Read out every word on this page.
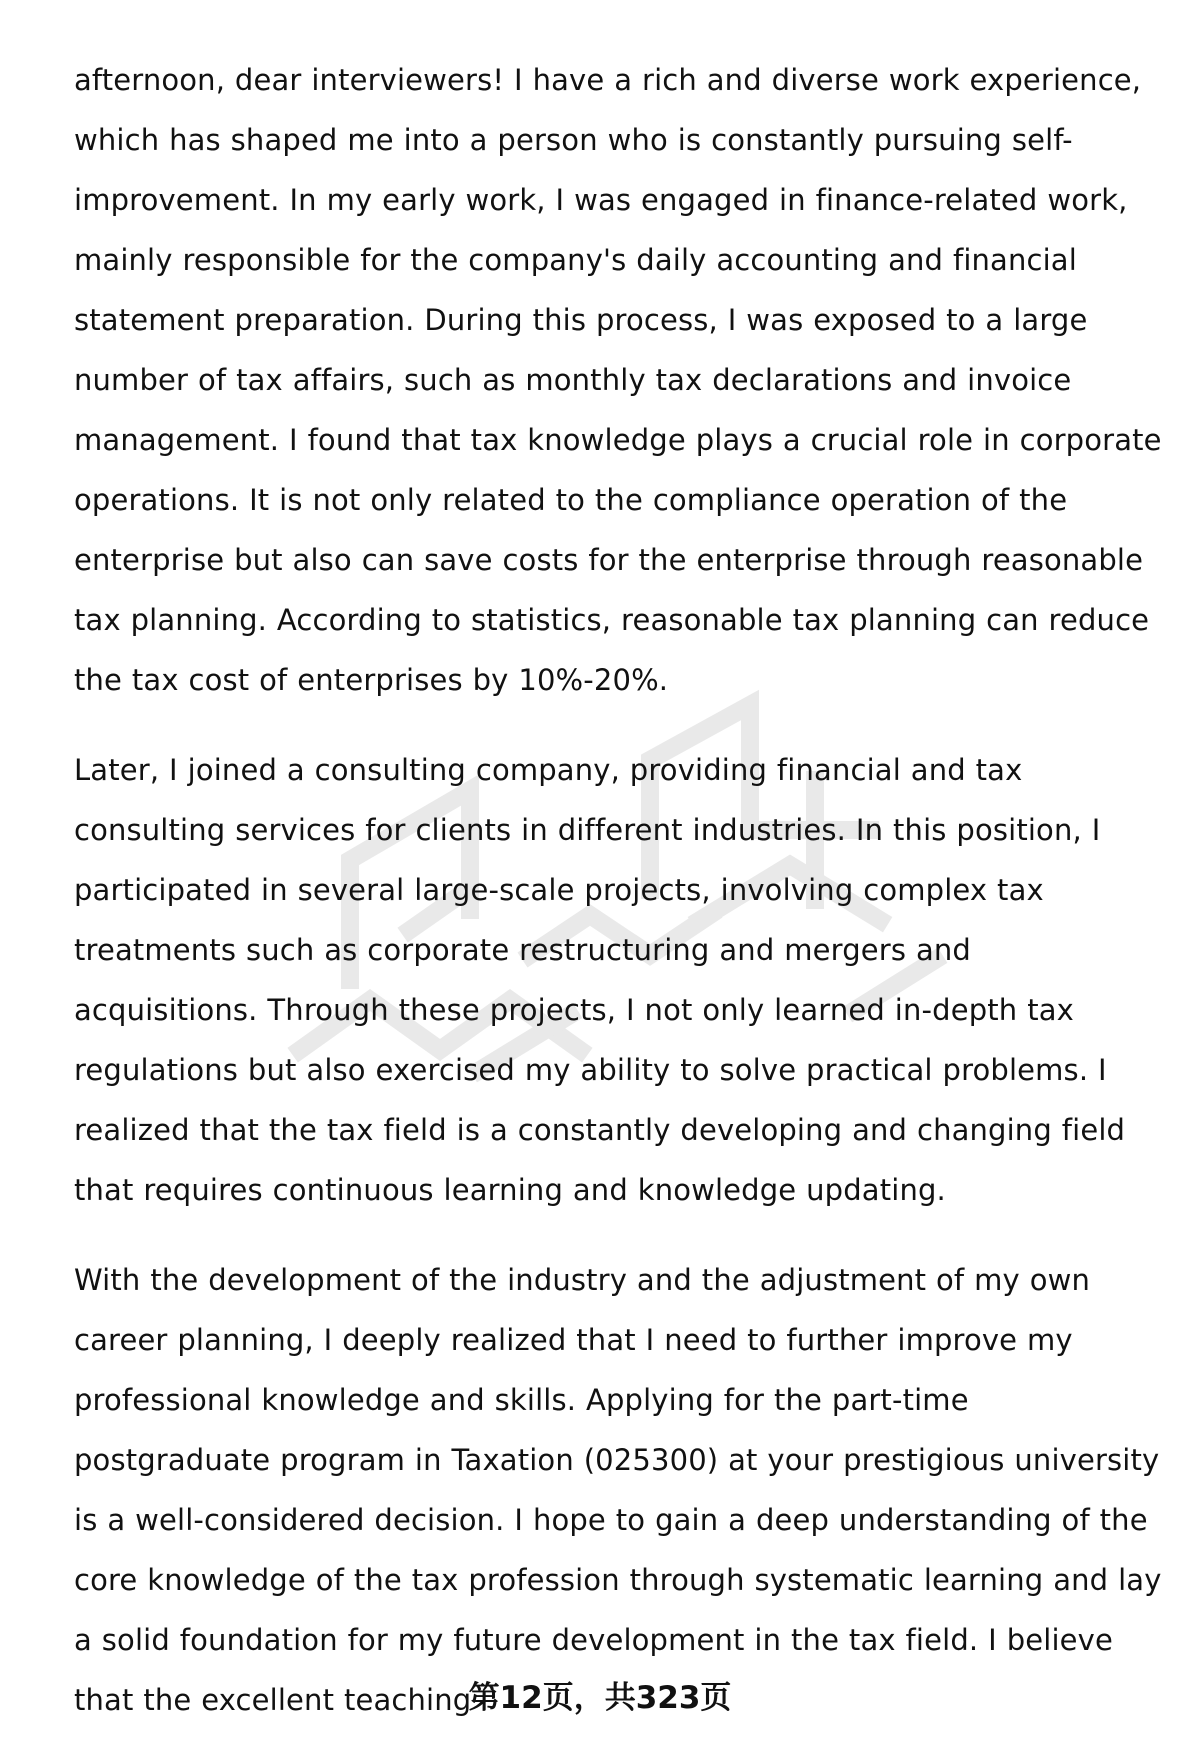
afternoon, dear interviewers! I have a rich and diverse work experience, which has shaped me into a person who is constantly pursuing self-improvement. In my early work, I was engaged in finance-related work, mainly responsible for the company's daily accounting and financial statement preparation. During this process, I was exposed to a large number of tax affairs, such as monthly tax declarations and invoice management. I found that tax knowledge plays a crucial role in corporate operations. It is not only related to the compliance operation of the enterprise but also can save costs for the enterprise through reasonable tax planning. According to statistics, reasonable tax planning can reduce the tax cost of enterprises by 10%-20%.

Later, I joined a consulting company, providing financial and tax consulting services for clients in different industries. In this position, I participated in several large-scale projects, involving complex tax treatments such as corporate restructuring and mergers and acquisitions. Through these projects, I not only learned in-depth tax regulations but also exercised my ability to solve practical problems. I realized that the tax field is a constantly developing and changing field that requires continuous learning and knowledge updating.

With the development of the industry and the adjustment of my own career planning, I deeply realized that I need to further improve my professional knowledge and skills. Applying for the part-time postgraduate program in Taxation (025300) at your prestigious university is a well-considered decision. I hope to gain a deep understanding of the core knowledge of the tax profession through systematic learning and lay a solid foundation for my future development in the tax field. I believe that the excellent teaching

第12页，共323页
